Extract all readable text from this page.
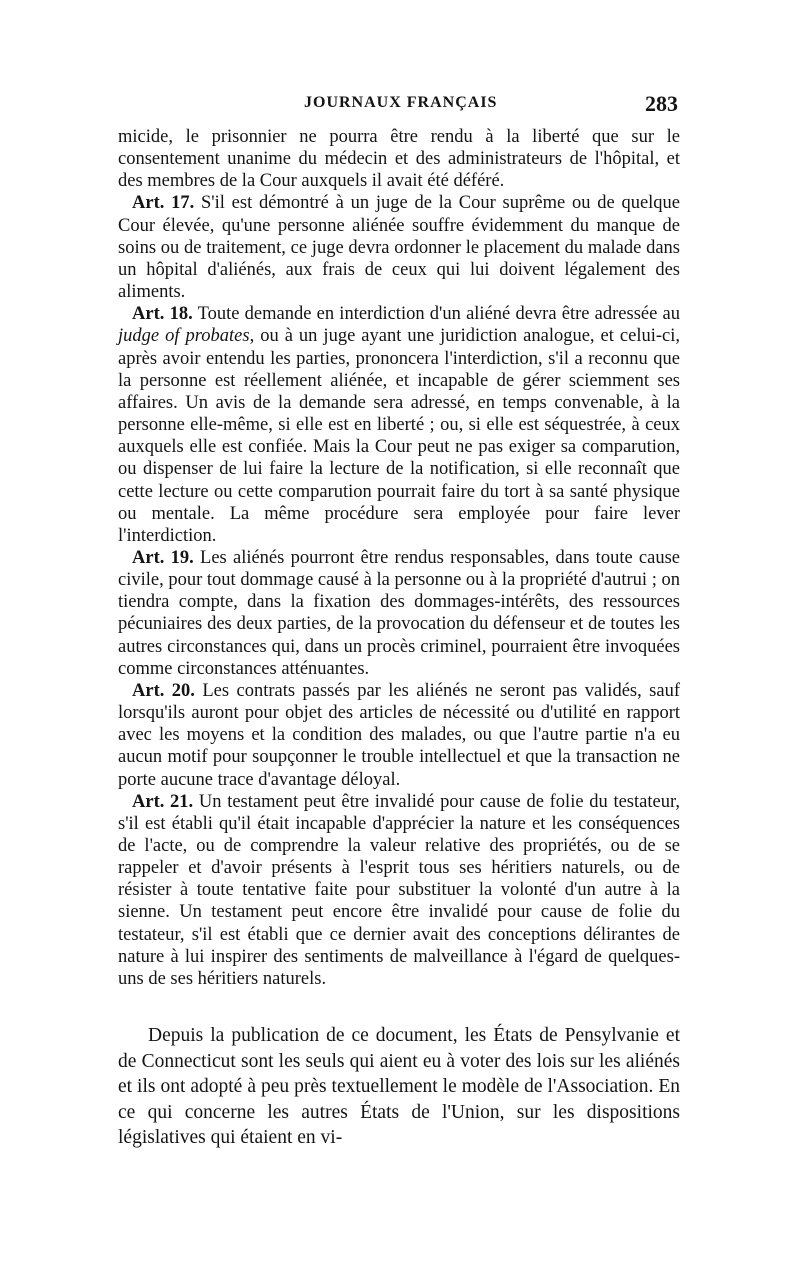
JOURNAUX FRANÇAIS	283

micide, le prisonnier ne pourra être rendu à la liberté que sur le consentement unanime du médecin et des administrateurs de l'hôpital, et des membres de la Cour auxquels il avait été déféré.

Art. 17. S'il est démontré à un juge de la Cour suprême ou de quelque Cour élevée, qu'une personne aliénée souffre évidemment du manque de soins ou de traitement, ce juge devra ordonner le placement du malade dans un hôpital d'aliénés, aux frais de ceux qui lui doivent légalement des aliments.

Art. 18. Toute demande en interdiction d'un aliéné devra être adressée au judge of probates, ou à un juge ayant une juridiction analogue, et celui-ci, après avoir entendu les parties, prononcera l'interdiction, s'il a reconnu que la personne est réellement aliénée, et incapable de gérer sciemment ses affaires. Un avis de la demande sera adressé, en temps convenable, à la personne elle-même, si elle est en liberté ; ou, si elle est séquestrée, à ceux auxquels elle est confiée. Mais la Cour peut ne pas exiger sa comparution, ou dispenser de lui faire la lecture de la notification, si elle reconnaît que cette lecture ou cette comparution pourrait faire du tort à sa santé physique ou mentale. La même procédure sera employée pour faire lever l'interdiction.

Art. 19. Les aliénés pourront être rendus responsables, dans toute cause civile, pour tout dommage causé à la personne ou à la propriété d'autrui ; on tiendra compte, dans la fixation des dommages-intérêts, des ressources pécuniaires des deux parties, de la provocation du défenseur et de toutes les autres circonstances qui, dans un procès criminel, pourraient être invoquées comme circonstances atténuantes.

Art. 20. Les contrats passés par les aliénés ne seront pas validés, sauf lorsqu'ils auront pour objet des articles de nécessité ou d'utilité en rapport avec les moyens et la condition des malades, ou que l'autre partie n'a eu aucun motif pour soupçonner le trouble intellectuel et que la transaction ne porte aucune trace d'avantage déloyal.

Art. 21. Un testament peut être invalidé pour cause de folie du testateur, s'il est établi qu'il était incapable d'apprécier la nature et les conséquences de l'acte, ou de comprendre la valeur relative des propriétés, ou de se rappeler et d'avoir présents à l'esprit tous ses héritiers naturels, ou de résister à toute tentative faite pour substituer la volonté d'un autre à la sienne. Un testament peut encore être invalidé pour cause de folie du testateur, s'il est établi que ce dernier avait des conceptions délirantes de nature à lui inspirer des sentiments de malveillance à l'égard de quelques-uns de ses héritiers naturels.

Depuis la publication de ce document, les États de Pensylvanie et de Connecticut sont les seuls qui aient eu à voter des lois sur les aliénés et ils ont adopté à peu près textuellement le modèle de l'Association. En ce qui concerne les autres États de l'Union, sur les dispositions législatives qui étaient en vi-
